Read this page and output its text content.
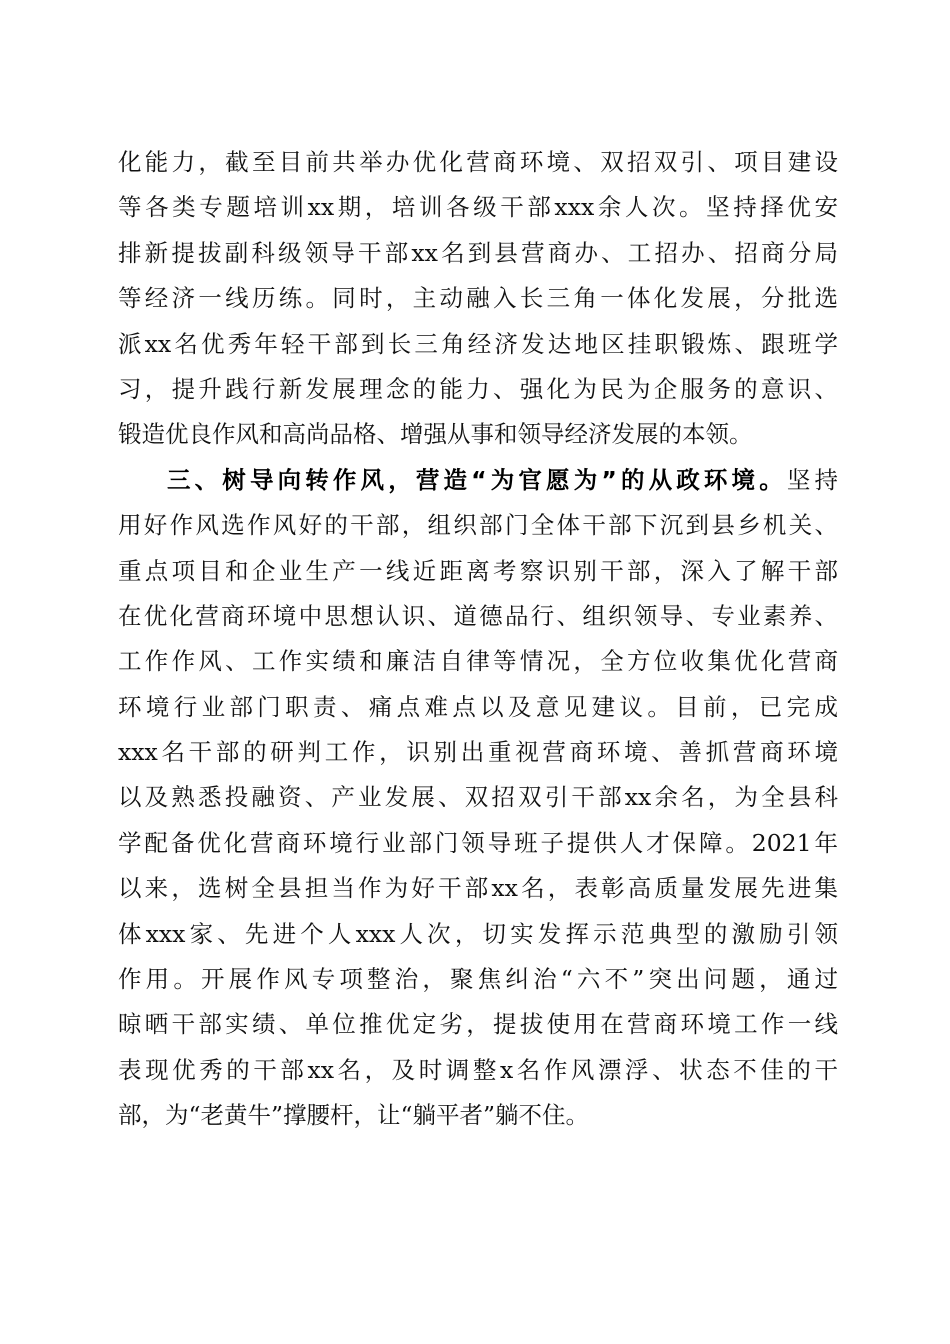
化能力，截至目前共举办优化营商环境、双招双引、项目建设
等各类专题培训xx期，培训各级干部xxx余人次。坚持择优安
排新提拔副科级领导干部xx名到县营商办、工招办、招商分局
等经济一线历练。同时，主动融入长三角一体化发展，分批选
派xx名优秀年轻干部到长三角经济发达地区挂职锻炼、跟班学
习，提升践行新发展理念的能力、强化为民为企服务的意识、
锻造优良作风和高尚品格、增强从事和领导经济发展的本领。
三、树导向转作风，营造“为官愿为”的从政环境。坚持
用好作风选作风好的干部，组织部门全体干部下沉到县乡机关、
重点项目和企业生产一线近距离考察识别干部，深入了解干部
在优化营商环境中思想认识、道德品行、组织领导、专业素养、
工作作风、工作实绩和廉洁自律等情况，全方位收集优化营商
环境行业部门职责、痛点难点以及意见建议。目前，已完成
xxx名干部的研判工作，识别出重视营商环境、善抓营商环境
以及熟悉投融资、产业发展、双招双引干部xx余名，为全县科
学配备优化营商环境行业部门领导班子提供人才保障。2021年
以来，选树全县担当作为好干部xx名，表彰高质量发展先进集
体xxx家、先进个人xxx人次，切实发挥示范典型的激励引领
作用。开展作风专项整治，聚焦纠治“六不”突出问题，通过
晾晒干部实绩、单位推优定劣，提拔使用在营商环境工作一线
表现优秀的干部xx名，及时调整x名作风漂浮、状态不佳的干
部，为“老黄牛”撑腰杆，让“躺平者”躺不住。
